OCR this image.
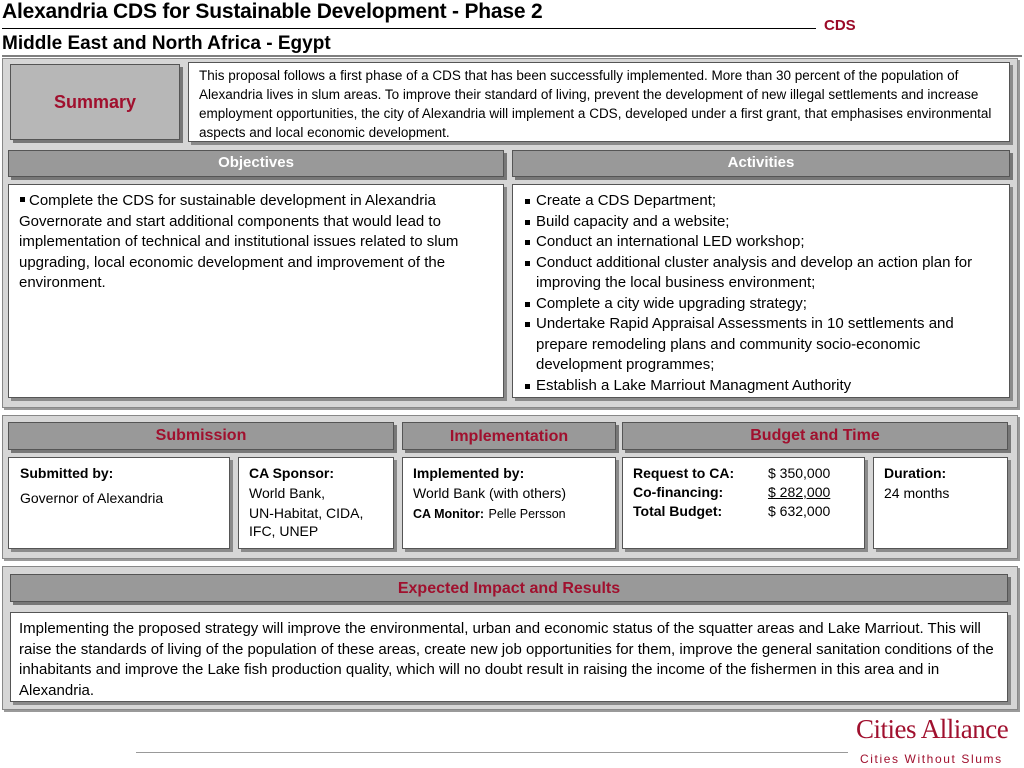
Alexandria CDS for Sustainable Development - Phase 2
CDS
Middle East and North Africa - Egypt
Summary
This proposal follows a first phase of a CDS that has been successfully implemented. More than 30 percent of the population of Alexandria lives in slum areas. To improve their standard of living, prevent the development of new illegal settlements and increase employment opportunities, the city of Alexandria will implement a CDS, developed under a first grant, that emphasises environmental aspects and local economic development.
Objectives	Activities
Complete the CDS for sustainable development in Alexandria Governorate and start additional components that would lead to implementation of technical and institutional issues related to slum upgrading, local economic development and improvement of the environment.
Create a CDS Department;
Build capacity and a website;
Conduct an international LED workshop;
Conduct additional cluster analysis and develop an action plan for improving the local business environment;
Complete a city wide upgrading strategy;
Undertake Rapid Appraisal Assessments in 10 settlements and prepare remodeling plans and community socio-economic development programmes;
Establish a Lake Marriout Managment Authority
Submission	Implementation	Budget and Time
Submitted by:
Governor of Alexandria
CA Sponsor:
World Bank,
UN-Habitat, CIDA, IFC, UNEP
Implemented by:
World Bank (with others)
CA Monitor: Pelle Persson
Request to CA:	$ 350,000
Co-financing:	$ 282,000
Total Budget:	$ 632,000
Duration:
24 months
Expected Impact and Results
Implementing the proposed strategy will improve the environmental, urban and economic status of the squatter areas and Lake Marriout. This will raise the standards of living of the population of these areas, create new job opportunities for them, improve the general sanitation conditions of the inhabitants and improve the Lake fish production quality, which will no doubt result in raising the income of the fishermen in this area and in Alexandria.
Cities Alliance
Cities Without Slums
